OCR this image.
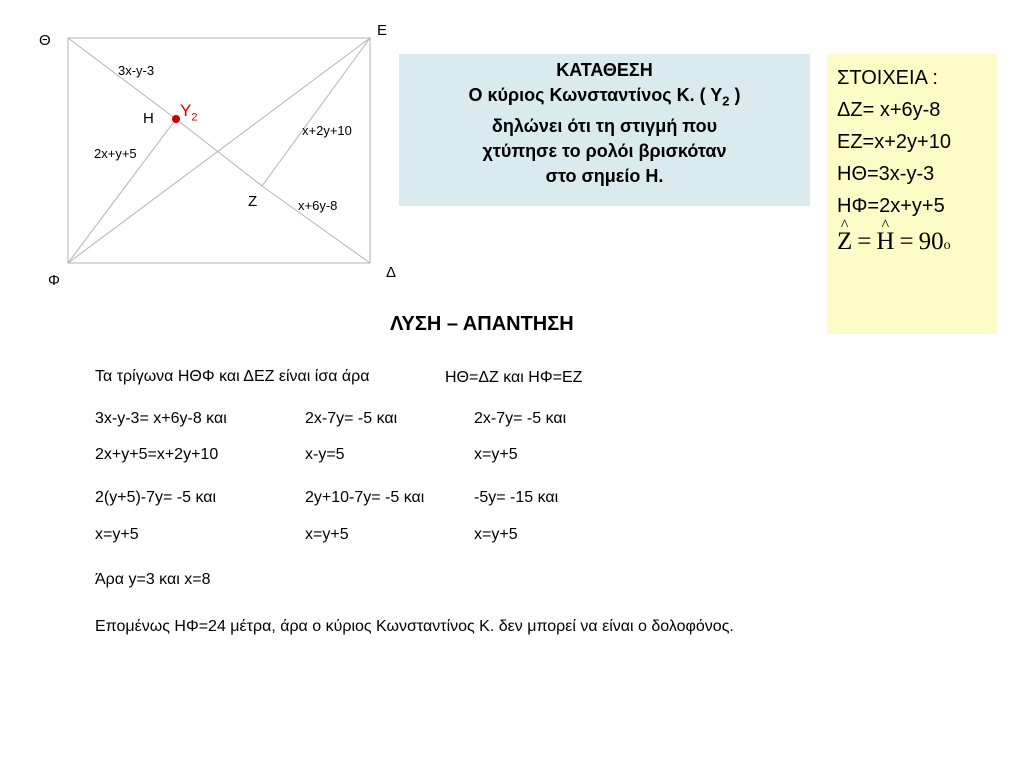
Θ
Ε
Φ	Δ
Η
Ζ
$\Upsilon_2$
3x-y-3
2x+y+5
x+2y+10
x+6y-8
ΚΑΤΑΘΕΣΗ
Ο κύριος Κωνσταντίνος Κ. ( $\Upsilon_2$ )
δηλώνει ότι τη στιγμή που
χτύπησε το ρολόι βρισκόταν
στο σημείο Η.
ΣΤΟΙΧΕΙΑ :
ΔΖ= x+6y-8
ΕΖ=x+2y+10
ΗΘ=3x-y-3
ΗΦ=2x+y+5
^ Z =
^ H = 90 o
ΛΥΣΗ – ΑΠΑΝΤΗΣΗ
Τα τρίγωνα ΗΘΦ και ΔΕΖ είναι ίσα άρα	ΗΘ=ΔΖ και ΗΦ=ΕΖ
3x-y-3= x+6y-8 και	2x-7y= -5 και	2x-7y= -5 και
2x+y+5=x+2y+10	x-y=5	x=y+5
2(y+5)-7y= -5 και	2y+10-7y= -5 και	-5y= -15 και
x=y+5	x=y+5	x=y+5
Άρα y=3 και x=8
Επομένως ΗΦ=24 μέτρα, άρα ο κύριος Κωνσταντίνος Κ. δεν μπορεί να είναι ο δολοφόνος.
